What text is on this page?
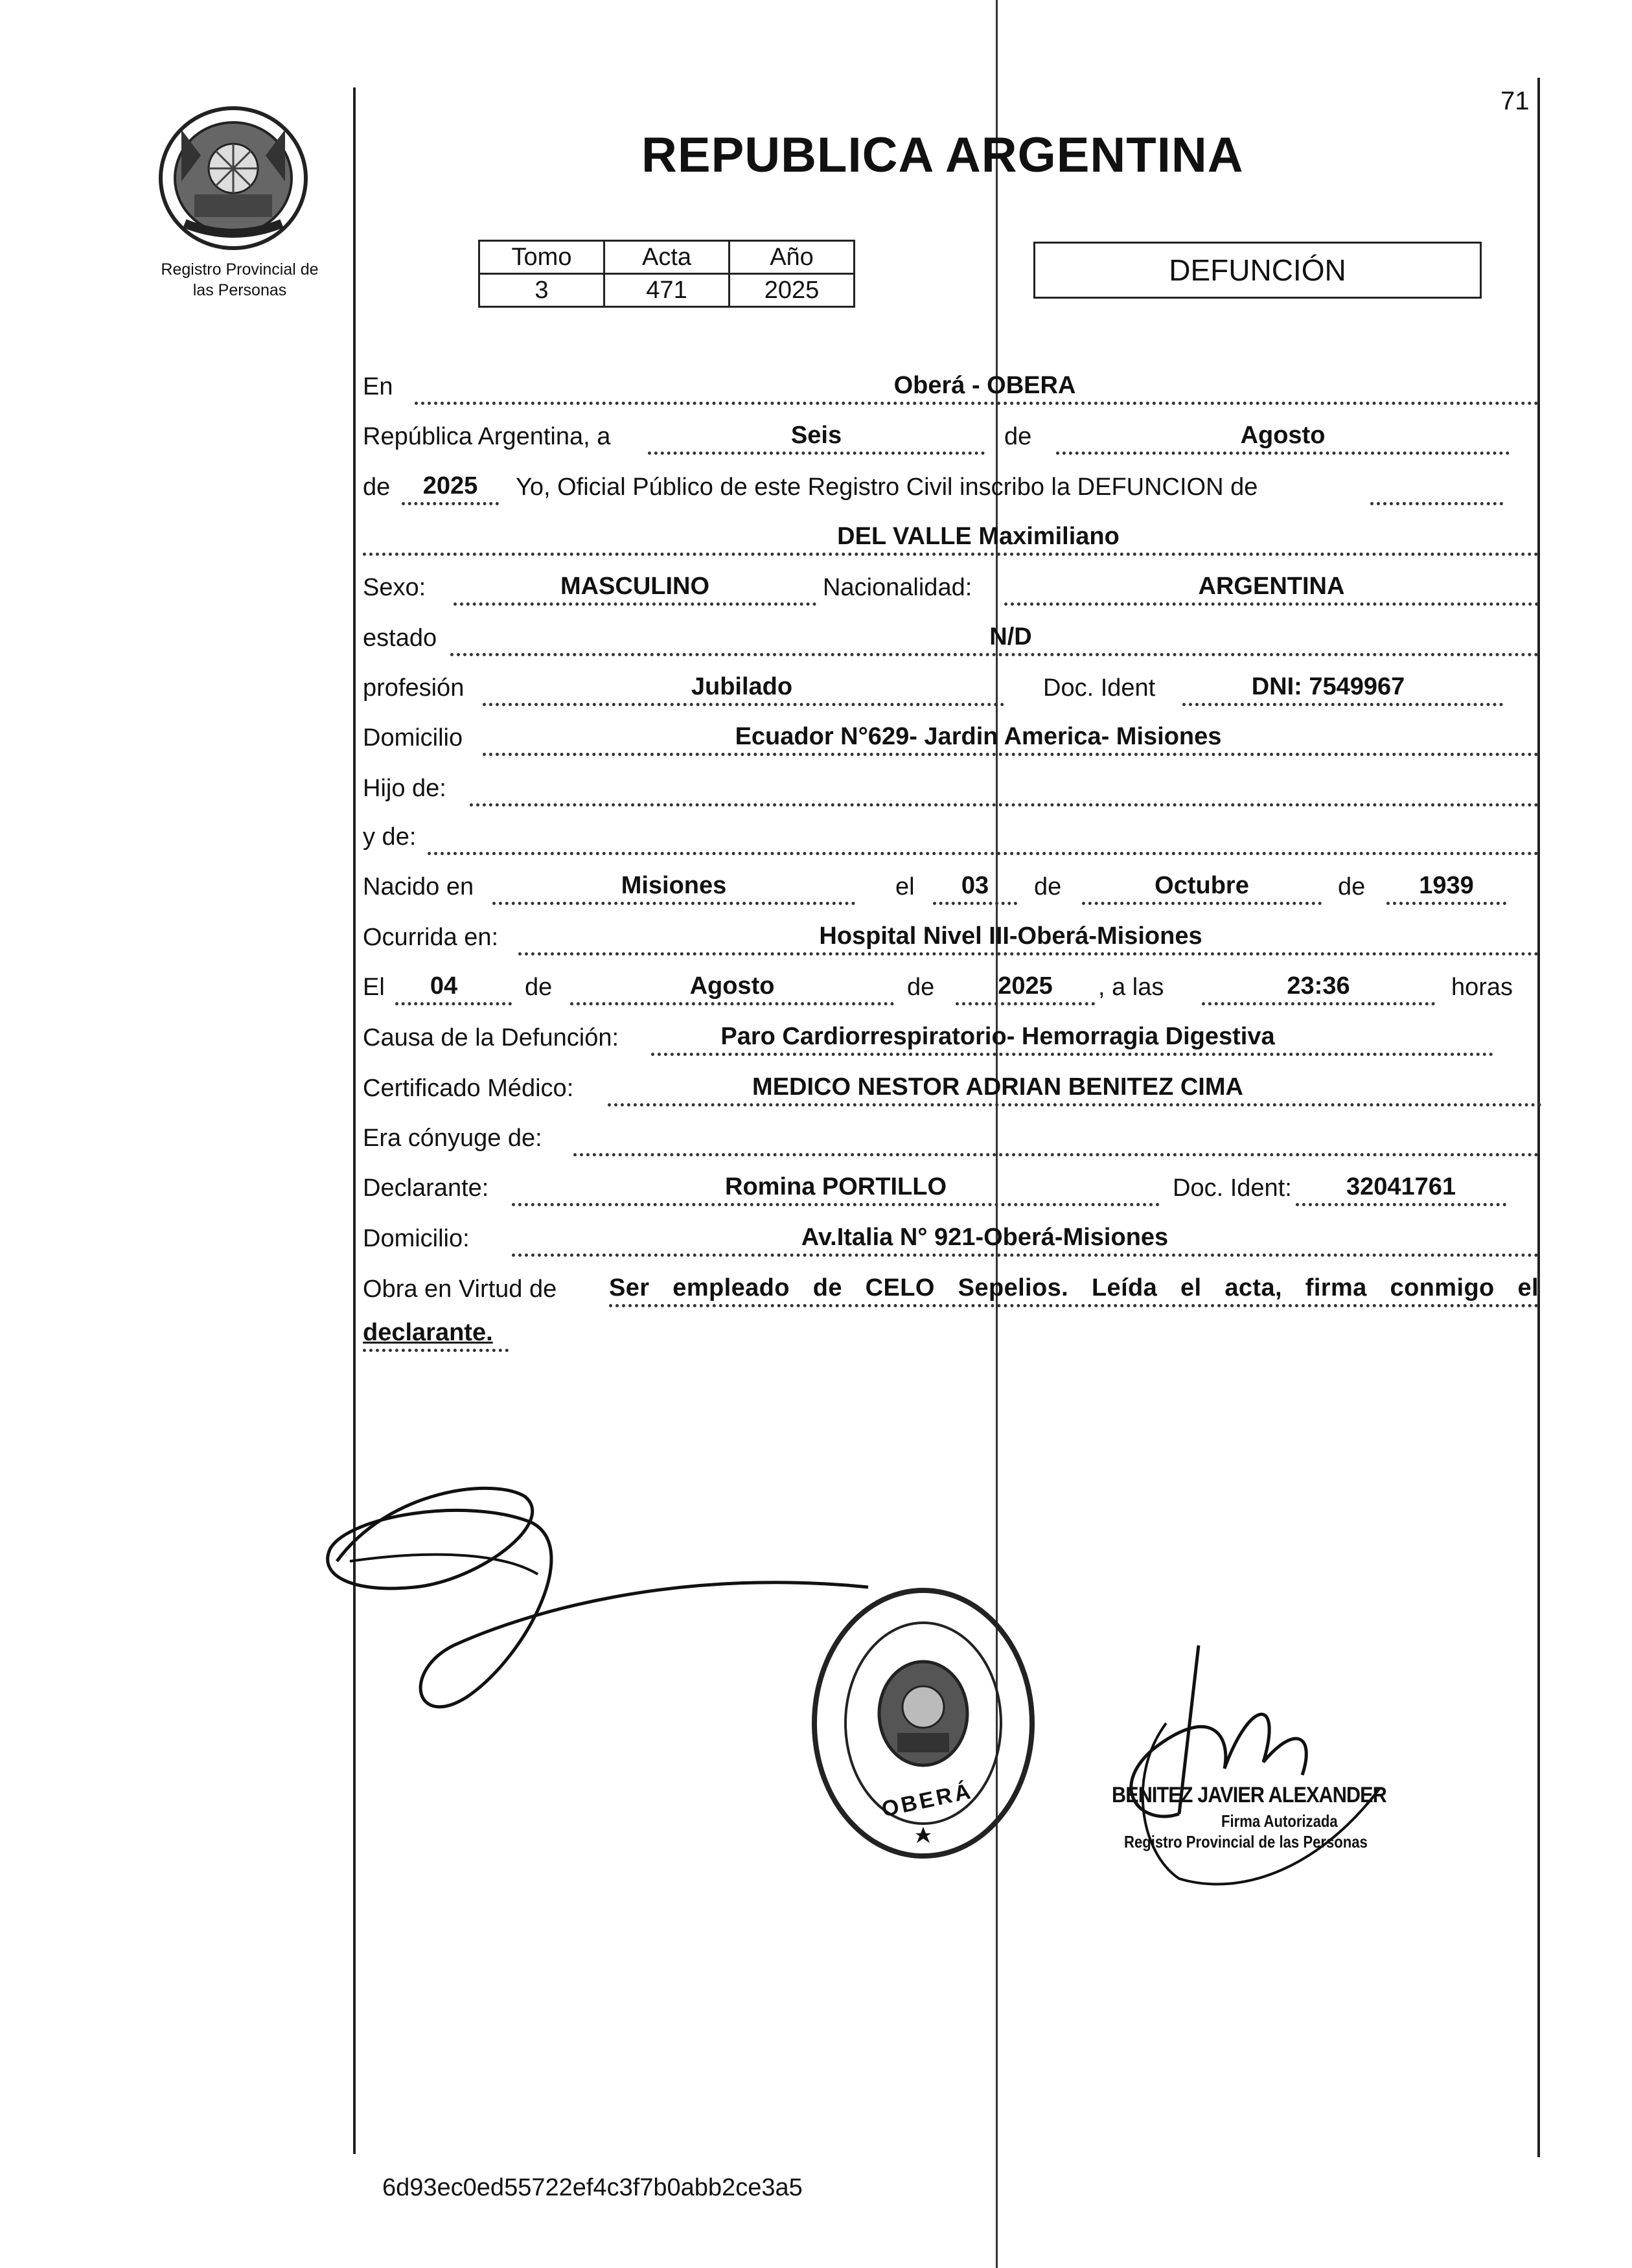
Registro Provincial de
las Personas
71
REPUBLICA ARGENTINA
Tomo	Acta	Año
3	471	2025
DEFUNCIÓN
En	Oberá - OBERA
República Argentina, a	Seis	de	Agosto
de	2025	Yo, Oficial Público de este Registro Civil inscribo la DEFUNCION de
DEL VALLE Maximiliano
Sexo:	MASCULINO	Nacionalidad:	ARGENTINA
estado	N/D
profesión	Jubilado	Doc. Ident	DNI: 7549967
Domicilio	Ecuador N°629- Jardin America- Misiones
Hijo de:
y de:
Nacido en	Misiones	el	03	de	Octubre	de	1939
Ocurrida en:	Hospital Nivel III-Oberá-Misiones
El	04	de	Agosto	de	2025	, a las	23:36	horas
Causa de la Defunción:	Paro Cardiorrespiratorio- Hemorragia Digestiva
Certificado Médico:	MEDICO NESTOR ADRIAN BENITEZ CIMA
Era cónyuge de:
Declarante:	Romina PORTILLO	Doc. Ident:	32041761
Domicilio:	Av.Italia N° 921-Oberá-Misiones
Obra en Virtud de Ser empleado de CELO Sepelios. Leída el acta, firma conmigo el
declarante.
OBERÁ	BENITEZ JAVIER ALEXANDER
Firma Autorizada
Registro Provincial de las Personas
6d93ec0ed55722ef4c3f7b0abb2ce3a5
